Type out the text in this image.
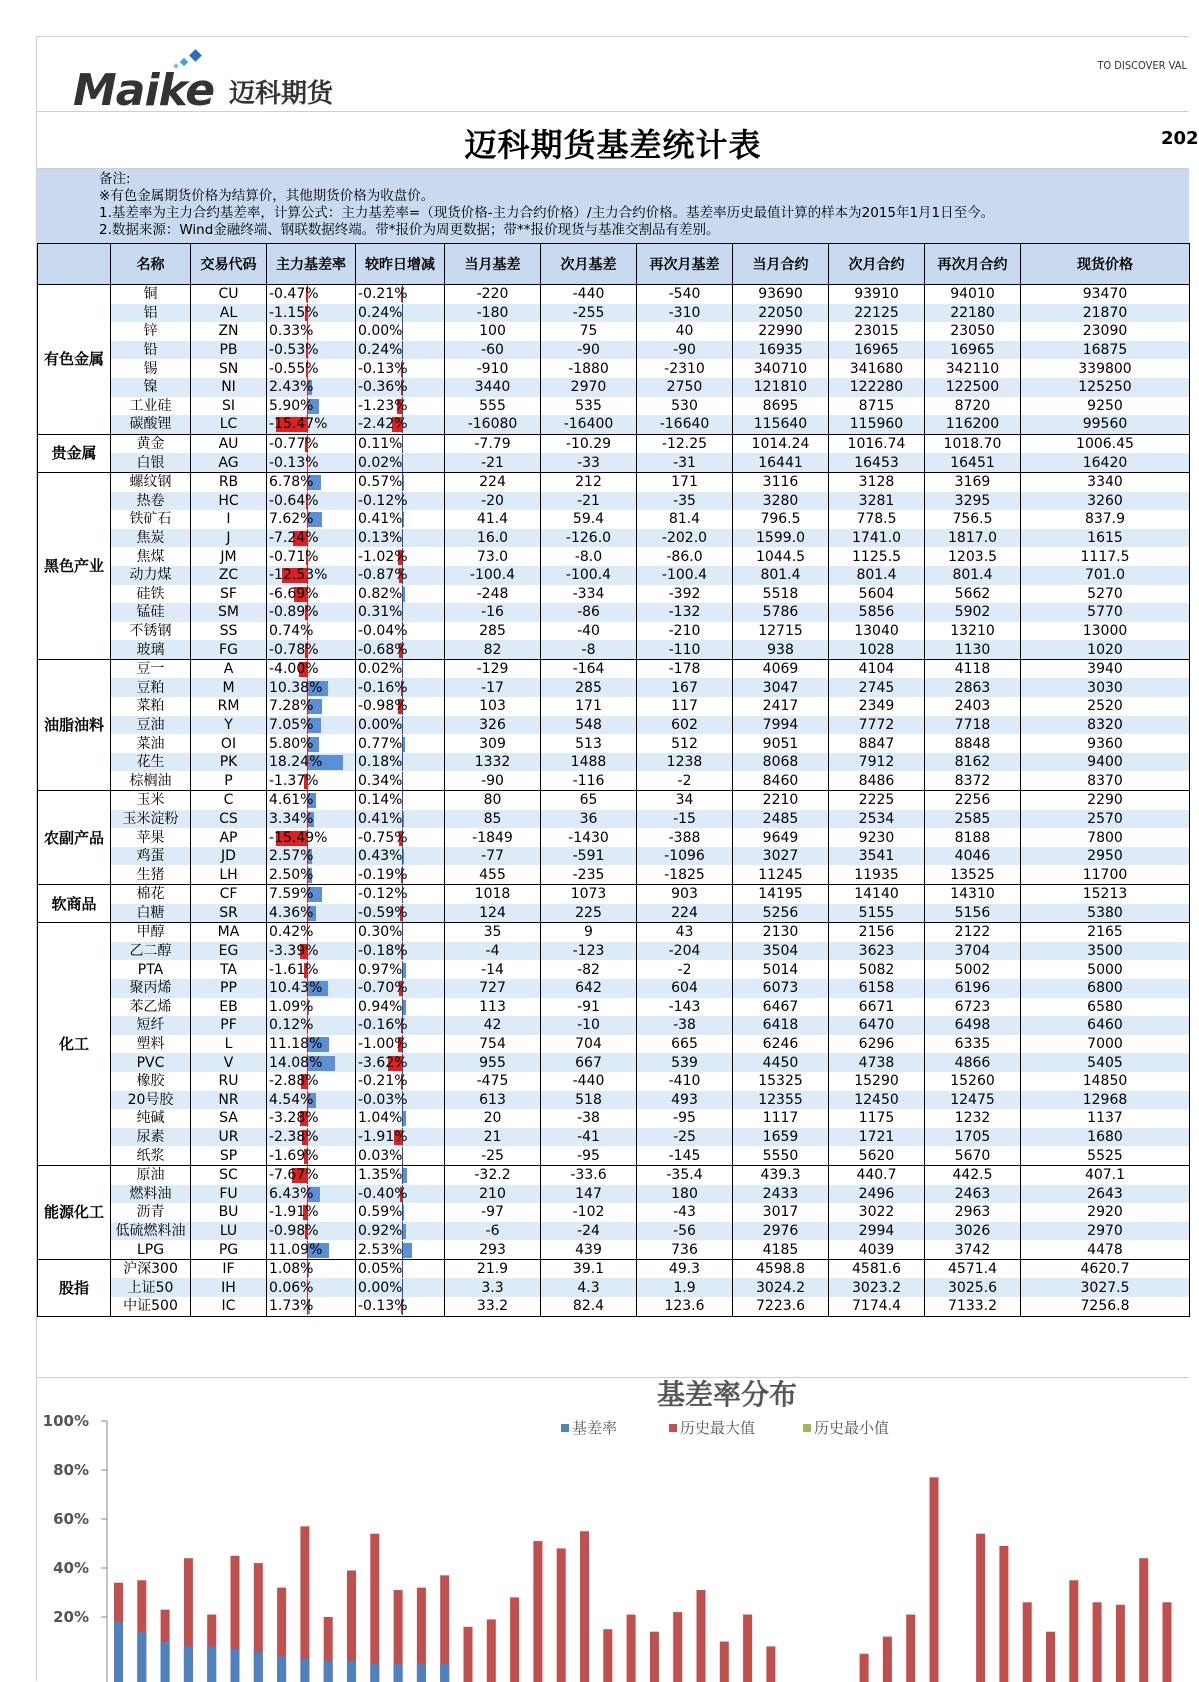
Maike 迈科期货
TO DISCOVER VAL
迈科期货基差统计表	202
备注:
※有色金属期货价格为结算价，其他期货价格为收盘价。
1.基差率为主力合约基差率，计算公式：主力基差率=（现货价格-主力合约价格）/主力合约价格。基差率历史最值计算的样本为2015年1月1日至今。
2.数据来源：Wind金融终端、钢联数据终端。带*报价为周更数据；带**报价现货与基准交割品有差别。
	名称	交易代码	主力基差率	较昨日增减	当月基差	次月基差	再次月基差	当月合约	次月合约	再次月合约	现货价格
有色金属	铜	CU	-0.47%	-0.21%	-220	-440	-540	93690	93910	94010	93470
	铝	AL	-1.15%	0.24%	-180	-255	-310	22050	22125	22180	21870
	锌	ZN	0.33%	0.00%	100	75	40	22990	23015	23050	23090
	铅	PB	-0.53%	0.24%	-60	-90	-90	16935	16965	16965	16875
	锡	SN	-0.55%	-0.13%	-910	-1880	-2310	340710	341680	342110	339800
	镍	NI	2.43%	-0.36%	3440	2970	2750	121810	122280	122500	125250
	工业硅	SI	5.90%	-1.23%	555	535	530	8695	8715	8720	9250
	碳酸锂	LC	-15.47%	-2.42%	-16080	-16400	-16640	115640	115960	116200	99560
贵金属	黄金	AU	-0.77%	0.11%	-7.79	-10.29	-12.25	1014.24	1016.74	1018.70	1006.45
	白银	AG	-0.13%	0.02%	-21	-33	-31	16441	16453	16451	16420
黑色产业	螺纹钢	RB	6.78%	0.57%	224	212	171	3116	3128	3169	3340
	热卷	HC	-0.64%	-0.12%	-20	-21	-35	3280	3281	3295	3260
	铁矿石	I	7.62%	0.41%	41.4	59.4	81.4	796.5	778.5	756.5	837.9
	焦炭	J	-7.24%	0.13%	16.0	-126.0	-202.0	1599.0	1741.0	1817.0	1615
	焦煤	JM	-0.71%	-1.02%	73.0	-8.0	-86.0	1044.5	1125.5	1203.5	1117.5
	动力煤	ZC	-12.53%	-0.87%	-100.4	-100.4	-100.4	801.4	801.4	801.4	701.0
	硅铁	SF	-6.69%	0.82%	-248	-334	-392	5518	5604	5662	5270
	锰硅	SM	-0.89%	0.31%	-16	-86	-132	5786	5856	5902	5770
	不锈钢	SS	0.74%	-0.04%	285	-40	-210	12715	13040	13210	13000
	玻璃	FG	-0.78%	-0.68%	82	-8	-110	938	1028	1130	1020
油脂油料	豆一	A	-4.00%	0.02%	-129	-164	-178	4069	4104	4118	3940
	豆粕	M	10.38%	-0.16%	-17	285	167	3047	2745	2863	3030
	菜粕	RM	7.28%	-0.98%	103	171	117	2417	2349	2403	2520
	豆油	Y	7.05%	0.00%	326	548	602	7994	7772	7718	8320
	菜油	OI	5.80%	0.77%	309	513	512	9051	8847	8848	9360
	花生	PK	18.24%	0.18%	1332	1488	1238	8068	7912	8162	9400
	棕榈油	P	-1.37%	0.34%	-90	-116	-2	8460	8486	8372	8370
农副产品	玉米	C	4.61%	0.14%	80	65	34	2210	2225	2256	2290
	玉米淀粉	CS	3.34%	0.41%	85	36	-15	2485	2534	2585	2570
	苹果	AP	-15.49%	-0.75%	-1849	-1430	-388	9649	9230	8188	7800
	鸡蛋	JD	2.57%	0.43%	-77	-591	-1096	3027	3541	4046	2950
	生猪	LH	2.50%	-0.19%	455	-235	-1825	11245	11935	13525	11700
软商品	棉花	CF	7.59%	-0.12%	1018	1073	903	14195	14140	14310	15213
	白糖	SR	4.36%	-0.59%	124	225	224	5256	5155	5156	5380
化工	甲醇	MA	0.42%	0.30%	35	9	43	2130	2156	2122	2165
	乙二醇	EG	-3.39%	-0.18%	-4	-123	-204	3504	3623	3704	3500
	PTA	TA	-1.61%	0.97%	-14	-82	-2	5014	5082	5002	5000
	聚丙烯	PP	10.43%	-0.70%	727	642	604	6073	6158	6196	6800
	苯乙烯	EB	1.09%	0.94%	113	-91	-143	6467	6671	6723	6580
	短纤	PF	0.12%	-0.16%	42	-10	-38	6418	6470	6498	6460
	塑料	L	11.18%	-1.00%	754	704	665	6246	6296	6335	7000
	PVC	V	14.08%	-3.62%	955	667	539	4450	4738	4866	5405
	橡胶	RU	-2.88%	-0.21%	-475	-440	-410	15325	15290	15260	14850
	20号胶	NR	4.54%	-0.03%	613	518	493	12355	12450	12475	12968
	纯碱	SA	-3.28%	1.04%	20	-38	-95	1117	1175	1232	1137
	尿素	UR	-2.38%	-1.91%	21	-41	-25	1659	1721	1705	1680
	纸浆	SP	-1.69%	0.03%	-25	-95	-145	5550	5620	5670	5525
能源化工	原油	SC	-7.67%	1.35%	-32.2	-33.6	-35.4	439.3	440.7	442.5	407.1
	燃料油	FU	6.43%	-0.40%	210	147	180	2433	2496	2463	2643
	沥青	BU	-1.91%	0.59%	-97	-102	-43	3017	3022	2963	2920
	低硫燃料油	LU	-0.98%	0.92%	-6	-24	-56	2976	2994	3026	2970
	LPG	PG	11.09%	2.53%	293	439	736	4185	4039	3742	4478
股指	沪深300	IF	1.08%	0.05%	21.9	39.1	49.3	4598.8	4581.6	4571.4	4620.7
	上证50	IH	0.06%	0.00%	3.3	4.3	1.9	3024.2	3023.2	3025.6	3027.5
	中证500	IC	1.73%	-0.13%	33.2	82.4	123.6	7223.6	7174.4	7133.2	7256.8
基差率分布
基差率	历史最大值	历史最小值
100%
80%
60%
40%
20%
